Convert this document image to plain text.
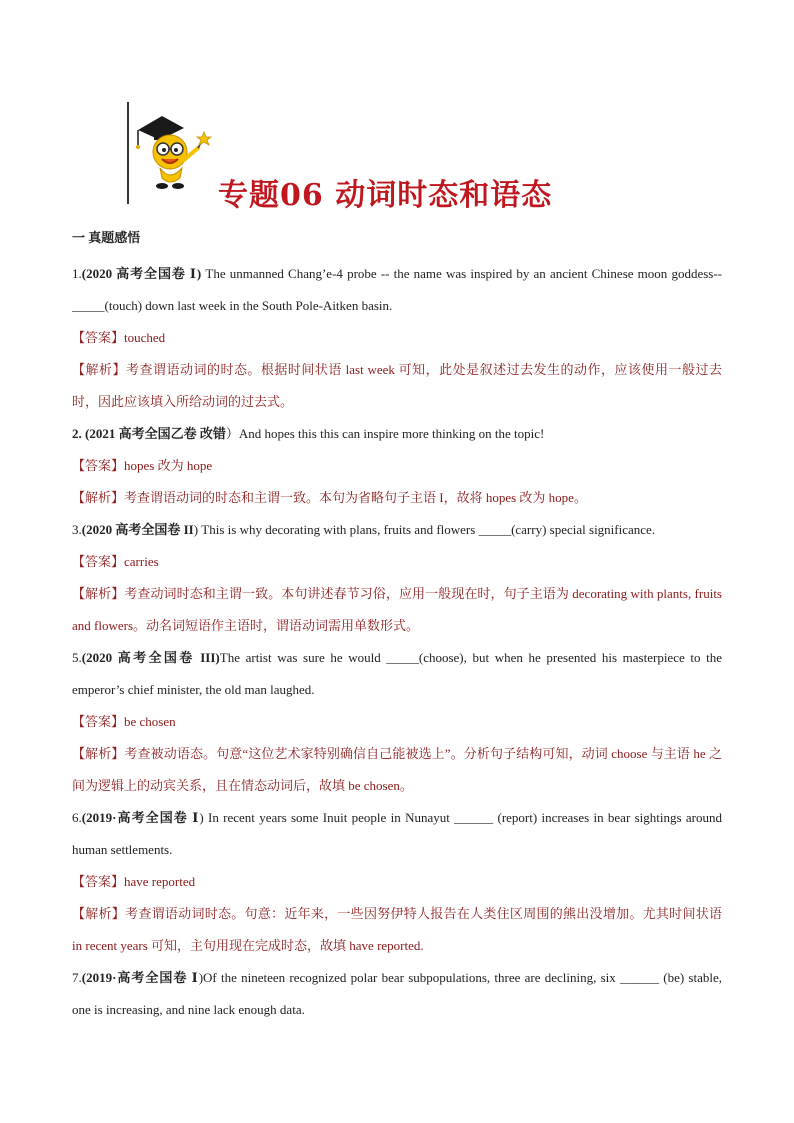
专题06 动词时态和语态
一 真题感悟
1.(2020 高考全国卷 Ⅰ) The unmanned Chang’e-4 probe -- the name was inspired by an ancient Chinese moon goddess--_____(touch) down last week in the South Pole-Aitken basin.
【答案】touched
【解析】考查谓语动词的时态。根据时间状语 last week 可知，此处是叙述过去发生的动作，应该使用一般过去时，因此应该填入所给动词的过去式。
2. (2021 高考全国乙卷 改错）And hopes this this can inspire more thinking on the topic!
【答案】hopes 改为 hope
【解析】考查谓语动词的时态和主谓一致。本句为省略句子主语 I，故将 hopes 改为 hope。
3.(2020 高考全国卷 II) This is why decorating with plans, fruits and flowers _____(carry) special significance.
【答案】carries
【解析】考查动词时态和主谓一致。本句讲述春节习俗，应用一般现在时，句子主语为 decorating with plants, fruits and flowers。动名词短语作主语时，谓语动词需用单数形式。
5.(2020 高考全国卷 III)The artist was sure he would _____(choose), but when he presented his masterpiece to the emperor’s chief minister, the old man laughed.
【答案】be chosen
【解析】考查被动语态。句意“这位艺术家特别确信自己能被选上”。分析句子结构可知，动词 choose 与主语 he 之间为逻辑上的动宾关系，且在情态动词后，故填 be chosen。
6.(2019·高考全国卷 Ⅰ) In recent years some Inuit people in Nunayut ______ (report) increases in bear sightings around human settlements.
【答案】have reported
【解析】考查谓语动词时态。句意：近年来，一些因努伊特人报告在人类住区周围的熊出没增加。尤其时间状语 in recent years 可知，主句用现在完成时态，故填 have reported.
7.(2019·高考全国卷 Ⅰ)Of the nineteen recognized polar bear subpopulations, three are declining, six ______ (be) stable, one is increasing, and nine lack enough data.
